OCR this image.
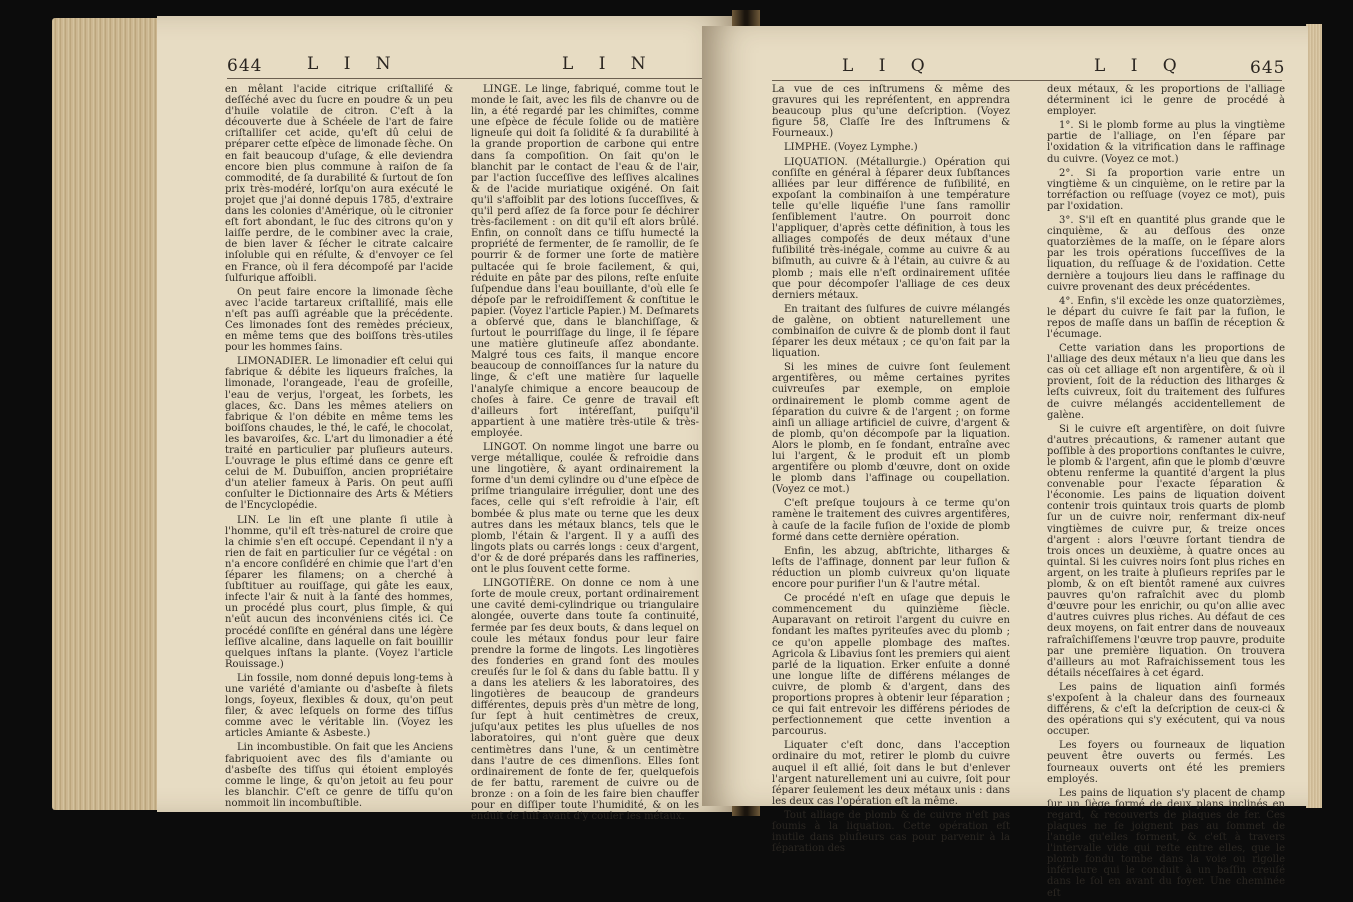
644	L I N	L I N

en mêlant l'acide citrique criſtalliſé & deſſéché avec du ſucre en poudre & un peu d'huile volatile de citron. C'eſt à la découverte due à Schéele de l'art de faire criſtalliſer cet acide, qu'eſt dû celui de préparer cette eſpèce de limonade ſèche. On en fait beaucoup d'uſage, & elle deviendra encore bien plus commune à raiſon de ſa commodité, de ſa durabilité & ſurtout de ſon prix très-modéré, lorſqu'on aura exécuté le projet que j'ai donné depuis 1785, d'extraire dans les colonies d'Amérique, où le citronier eſt fort abondant, le ſuc des citrons qu'on y laiſſe perdre, de le combiner avec la craie, de bien laver & ſécher le citrate calcaire inſoluble qui en réſulte, & d'envoyer ce ſel en France, où il fera décompoſé par l'acide ſulfurique affoibli.

On peut faire encore la limonade ſèche avec l'acide tartareux criſtalliſé, mais elle n'eſt pas auſſi agréable que la précédente. Ces limonades ſont des remèdes précieux, en même tems que des boiſſons très-utiles pour les hommes ſains.

LIMONADIER. Le limonadier eſt celui qui fabrique & débite les liqueurs fraîches, la limonade, l'orangeade, l'eau de groſeille, l'eau de verjus, l'orgeat, les ſorbets, les glaces, &c. Dans les mêmes ateliers on fabrique & l'on débite en même tems les boiſſons chaudes, le thé, le café, le chocolat, les bavaroiſes, &c. L'art du limonadier a été traité en particulier par pluſieurs auteurs. L'ouvrage le plus eſtimé dans ce genre eſt celui de M. Dubuiſſon, ancien propriétaire d'un atelier fameux à Paris. On peut auſſi conſulter le Dictionnaire des Arts & Métiers de l'Encyclopédie.

LIN. Le lin eſt une plante ſi utile à l'homme, qu'il eſt très-naturel de croire que la chimie s'en eſt occupé. Cependant il n'y a rien de fait en particulier ſur ce végétal : on n'a encore conſidéré en chimie que l'art d'en ſéparer les filamens; on a cherché à ſubſtituer au rouiſſage, qui gâte les eaux, infecte l'air & nuit à la ſanté des hommes, un procédé plus court, plus ſimple, & qui n'eût aucun des inconvéniens cités ici. Ce procédé conſiſte en général dans une légère leſſive alcaline, dans laquelle on fait bouillir quelques inſtans la plante. (Voyez l'article Rouissage.)

Lin fossile, nom donné depuis long-tems à une variété d'amiante ou d'asbeſte à filets longs, ſoyeux, flexibles & doux, qu'on peut filer, & avec leſquels on forme des tiſſus comme avec le véritable lin. (Voyez les articles Amiante & Asbeste.)

Lin incombustible. On fait que les Anciens fabriquoient avec des fils d'amiante ou d'asbeſte des tiſſus qui étoient employés comme le linge, & qu'on jetoit au feu pour les blanchir. C'eſt ce genre de tiſſu qu'on nommoit lin incombuſtible.

LINGE. Le linge, fabriqué, comme tout le monde le ſait, avec les fils de chanvre ou de lin, a été regardé par les chimiſtes, comme une eſpèce de fécule ſolide ou de matière ligneuſe qui doit ſa ſolidité & ſa durabilité à la grande proportion de carbone qui entre dans ſa compoſition. On ſait qu'on le blanchit par le contact de l'eau & de l'air, par l'action ſucceſſive des leſſives alcalines & de l'acide muriatique oxigéné. On ſait qu'il s'affoiblit par des lotions ſucceſſives, & qu'il perd aſſez de ſa force pour ſe déchirer très-facilement : on dit qu'il eſt alors brûlé. Enfin, on connoît dans ce tiſſu humecté la propriété de fermenter, de ſe ramollir, de ſe pourrir & de former une ſorte de matière pultacée qui ſe broie facilement, & qui, réduite en pâte par des pilons, reſte enſuite ſuſpendue dans l'eau bouillante, d'où elle ſe dépoſe par le refroidiſſement & conſtitue le papier. (Voyez l'article Papier.) M. Deſmarets a obſervé que, dans le blanchiſſage, & ſurtout le pourriſſage du linge, il ſe ſépare une matière glutineuſe aſſez abondante. Malgré tous ces faits, il manque encore beaucoup de connoiſſances ſur la nature du linge, & c'eſt une matière ſur laquelle l'analyſe chimique a encore beaucoup de choſes à faire. Ce genre de travail eſt d'ailleurs fort intéreſſant, puiſqu'il appartient à une matière très-utile & très-employée.

LINGOT. On nomme lingot une barre ou verge métallique, coulée & refroidie dans une lingotière, & ayant ordinairement la forme d'un demi cylindre ou d'une eſpèce de priſme triangulaire irrégulier, dont une des faces, celle qui s'eſt refroidie à l'air, eſt bombée & plus mate ou terne que les deux autres dans les métaux blancs, tels que le plomb, l'étain & l'argent. Il y a auſſi des lingots plats ou carrés longs : ceux d'argent, d'or & de doré préparés dans les raffineries, ont le plus ſouvent cette forme.

LINGOTIÈRE. On donne ce nom à une ſorte de moule creux, portant ordinairement une cavité demi-cylindrique ou triangulaire alongée, ouverte dans toute ſa continuité, fermée par ſes deux bouts, & dans lequel on coule les métaux fondus pour leur faire prendre la forme de lingots. Les lingotières des fonderies en grand ſont des moules creuſés ſur le ſol & dans du ſable battu. Il y a dans les ateliers & les laboratoires, des lingotières de beaucoup de grandeurs différentes, depuis près d'un mètre de long, ſur ſept à huit centimètres de creux, juſqu'aux petites les plus uſuelles de nos laboratoires, qui n'ont guère que deux centimètres dans l'une, & un centimètre dans l'autre de ces dimenſions. Elles ſont ordinairement de fonte de fer, quelquefois de fer battu, rarement de cuivre ou de bronze : on a ſoin de les faire bien chauffer pour en diſſiper toute l'humidité, & on les enduit de ſuif avant d'y couler les métaux.

L I Q	L I Q	645

La vue de ces inſtrumens & même des gravures qui les repréſentent, en apprendra beaucoup plus qu'une deſcription. (Voyez figure 58, Claſſe Ire des Inſtrumens & Fourneaux.)

LIMPHE. (Voyez Lymphe.)

LIQUATION. (Métallurgie.) Opération qui conſiſte en général à ſéparer deux ſubſtances alliées par leur différence de fuſibilité, en expoſant la combinaiſon à une température telle qu'elle liquéfie l'une ſans ramollir ſenſiblement l'autre. On pourroit donc l'appliquer, d'après cette définition, à tous les alliages compoſés de deux métaux d'une fuſibilité très-inégale, comme au cuivre & au biſmuth, au cuivre & à l'étain, au cuivre & au plomb ; mais elle n'eſt ordinairement uſitée que pour décompoſer l'alliage de ces deux derniers métaux.

En traitant des ſulfures de cuivre mélangés de galène, on obtient naturellement une combinaiſon de cuivre & de plomb dont il faut ſéparer les deux métaux ; ce qu'on fait par la liquation.

Si les mines de cuivre ſont ſeulement argentifères, ou même certaines pyrites cuivreuſes par exemple, on emploie ordinairement le plomb comme agent de ſéparation du cuivre & de l'argent ; on forme ainſi un alliage artificiel de cuivre, d'argent & de plomb, qu'on décompoſe par la liquation. Alors le plomb, en ſe fondant, entraîne avec lui l'argent, & le produit eſt un plomb argentifère ou plomb d'œuvre, dont on oxide le plomb dans l'affinage ou coupellation. (Voyez ce mot.)

C'eſt preſque toujours à ce terme qu'on ramène le traitement des cuivres argentifères, à cauſe de la facile fuſion de l'oxide de plomb formé dans cette dernière opération.

Enfin, les abzug, abſtrichte, litharges & leſts de l'affinage, donnent par leur fuſion & réduction un plomb cuivreux qu'on liquate encore pour purifier l'un & l'autre métal.

Ce procédé n'eſt en uſage que depuis le commencement du quinzième ſiècle. Auparavant on retiroit l'argent du cuivre en fondant les maſtes pyriteuſes avec du plomb ; ce qu'on appelle plombage des maſtes. Agricola & Libavius ſont les premiers qui aient parlé de la liquation. Erker enſuite a donné une longue liſte de différens mélanges de cuivre, de plomb & d'argent, dans des proportions propres à obtenir leur ſéparation ; ce qui fait entrevoir les différens périodes de perfectionnement que cette invention a parcourus.

Liquater c'eſt donc, dans l'acception ordinaire du mot, retirer le plomb du cuivre auquel il eſt allié, ſoit dans le but d'enlever l'argent naturellement uni au cuivre, ſoit pour ſéparer ſeulement les deux métaux unis : dans les deux cas l'opération eſt la même.

Tout alliage de plomb & de cuivre n'eſt pas ſoumis à la liquation. Cette opération eſt inutile dans pluſieurs cas pour parvenir à la ſéparation des

deux métaux, & les proportions de l'alliage déterminent ici le genre de procédé à employer.

1°. Si le plomb forme au plus la vingtième partie de l'alliage, on l'en ſépare par l'oxidation & la vitrification dans le raffinage du cuivre. (Voyez ce mot.)

2°. Si ſa proportion varie entre un vingtième & un cinquième, on le retire par la torréfaction ou reſſuage (voyez ce mot), puis par l'oxidation.

3°. S'il eſt en quantité plus grande que le cinquième, & au deſſous des onze quatorzièmes de la maſſe, on le ſépare alors par les trois opérations ſucceſſives de la liquation, du reſſuage & de l'oxidation. Cette dernière a toujours lieu dans le raffinage du cuivre provenant des deux précédentes.

4°. Enfin, s'il excède les onze quatorzièmes, le départ du cuivre ſe fait par la fuſion, le repos de maſſe dans un baſſin de réception & l'écumage.

Cette variation dans les proportions de l'alliage des deux métaux n'a lieu que dans les cas où cet alliage eſt non argentifère, & où il provient, ſoit de la réduction des litharges & leſts cuivreux, ſoit du traitement des ſulfures de cuivre mélangés accidentellement de galène.

Si le cuivre eſt argentifère, on doit ſuivre d'autres précautions, & ramener autant que poſſible à des proportions conſtantes le cuivre, le plomb & l'argent, afin que le plomb d'œuvre obtenu renferme la quantité d'argent la plus convenable pour l'exacte ſéparation & l'économie. Les pains de liquation doivent contenir trois quintaux trois quarts de plomb ſur un de cuivre noir, renfermant dix-neuf vingtièmes de cuivre pur, & treize onces d'argent : alors l'œuvre ſortant tiendra de trois onces un deuxième, à quatre onces au quintal. Si les cuivres noirs ſont plus riches en argent, on les traite à pluſieurs repriſes par le plomb, & on eſt bientôt ramené aux cuivres pauvres qu'on rafraîchit avec du plomb d'œuvre pour les enrichir, ou qu'on allie avec d'autres cuivres plus riches. Au défaut de ces deux moyens, on fait entrer dans de nouveaux rafraîchiſſemens l'œuvre trop pauvre, produite par une première liquation. On trouvera d'ailleurs au mot Rafraichissement tous les détails néceſſaires à cet égard.

Les pains de liquation ainſi formés s'expoſent à la chaleur dans des fourneaux différens, & c'eſt la deſcription de ceux-ci & des opérations qui s'y exécutent, qui va nous occuper.

Les foyers ou fourneaux de liquation peuvent être ouverts ou fermés. Les fourneaux ouverts ont été les premiers employés.

Les pains de liquation s'y placent de champ ſur un ſiège formé de deux plans inclinés en regard, & recouverts de plaques de fer. Ces plaques ne ſe joignent pas au ſommet de l'angle qu'elles forment, & c'eſt à travers l'intervalle vide qui reſte entre elles, que le plomb fondu tombe dans la voie ou rigolle inférieure qui le conduit à un baſſin creuſé dans le ſol en avant du foyer. Une cheminée eſt
